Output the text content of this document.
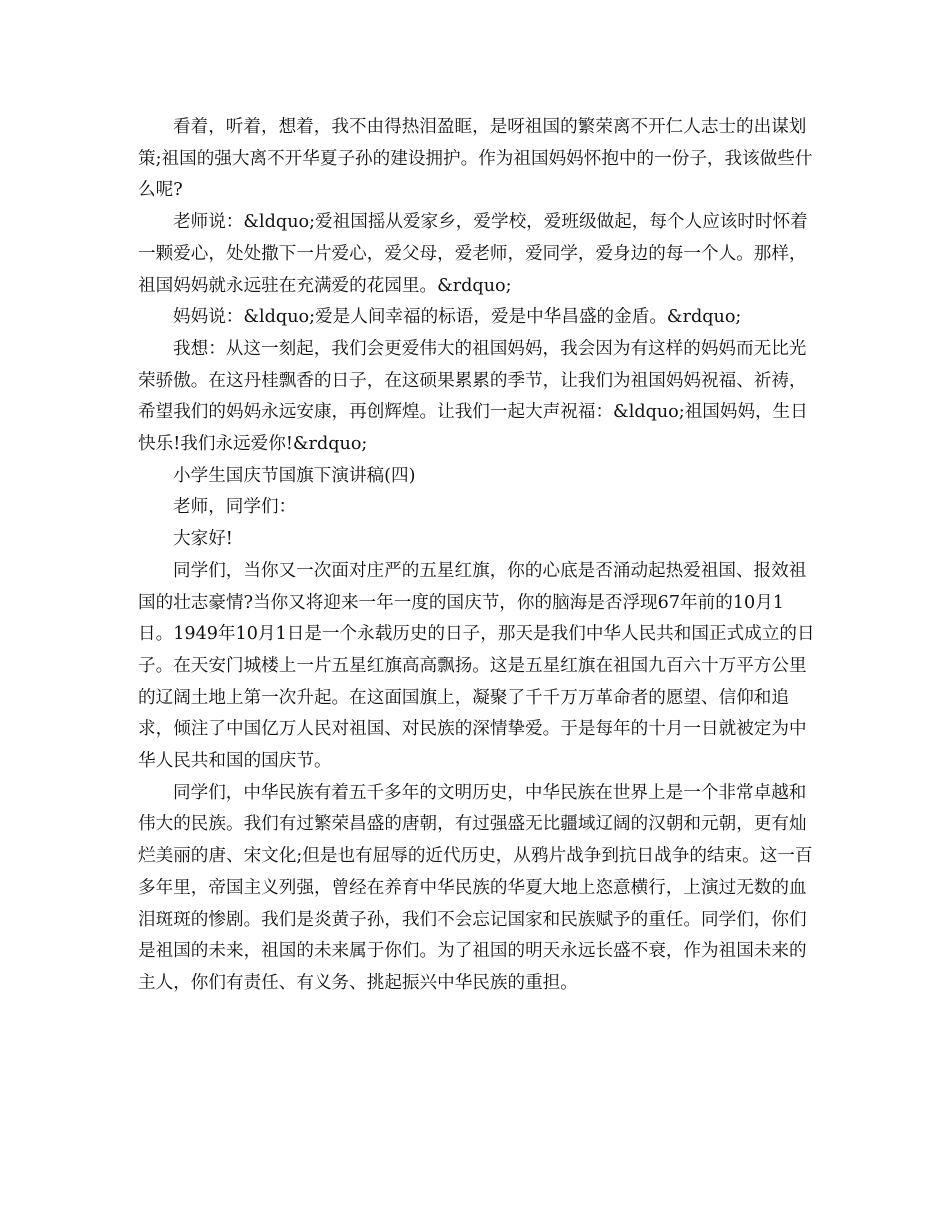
看着，听着，想着，我不由得热泪盈眶，是呀祖国的繁荣离不开仁人志士的出谋划策;祖国的强大离不开华夏子孙的建设拥护。作为祖国妈妈怀抱中的一份子，我该做些什么呢?

老师说：&ldquo;爱祖国摇从爱家乡，爱学校，爱班级做起，每个人应该时时怀着一颗爱心，处处撒下一片爱心，爱父母，爱老师，爱同学，爱身边的每一个人。那样，祖国妈妈就永远驻在充满爱的花园里。&rdquo;

妈妈说：&ldquo;爱是人间幸福的标语，爱是中华昌盛的金盾。&rdquo;

我想：从这一刻起，我们会更爱伟大的祖国妈妈，我会因为有这样的妈妈而无比光荣骄傲。在这丹桂飘香的日子，在这硕果累累的季节，让我们为祖国妈妈祝福、祈祷，希望我们的妈妈永远安康，再创辉煌。让我们一起大声祝福：&ldquo;祖国妈妈，生日快乐!我们永远爱你!&rdquo;

小学生国庆节国旗下演讲稿(四)

老师，同学们：

大家好!

同学们，当你又一次面对庄严的五星红旗，你的心底是否涌动起热爱祖国、报效祖国的壮志豪情?当你又将迎来一年一度的国庆节，你的脑海是否浮现67年前的10月1日。1949年10月1日是一个永载历史的日子，那天是我们中华人民共和国正式成立的日子。在天安门城楼上一片五星红旗高高飘扬。这是五星红旗在祖国九百六十万平方公里的辽阔土地上第一次升起。在这面国旗上，凝聚了千千万万革命者的愿望、信仰和追求，倾注了中国亿万人民对祖国、对民族的深情挚爱。于是每年的十月一日就被定为中华人民共和国的国庆节。

同学们，中华民族有着五千多年的文明历史，中华民族在世界上是一个非常卓越和伟大的民族。我们有过繁荣昌盛的唐朝，有过强盛无比疆域辽阔的汉朝和元朝，更有灿烂美丽的唐、宋文化;但是也有屈辱的近代历史，从鸦片战争到抗日战争的结束。这一百多年里，帝国主义列强，曾经在养育中华民族的华夏大地上恣意横行，上演过无数的血泪斑斑的惨剧。我们是炎黄子孙，我们不会忘记国家和民族赋予的重任。同学们，你们是祖国的未来，祖国的未来属于你们。为了祖国的明天永远长盛不衰，作为祖国未来的主人，你们有责任、有义务、挑起振兴中华民族的重担。
